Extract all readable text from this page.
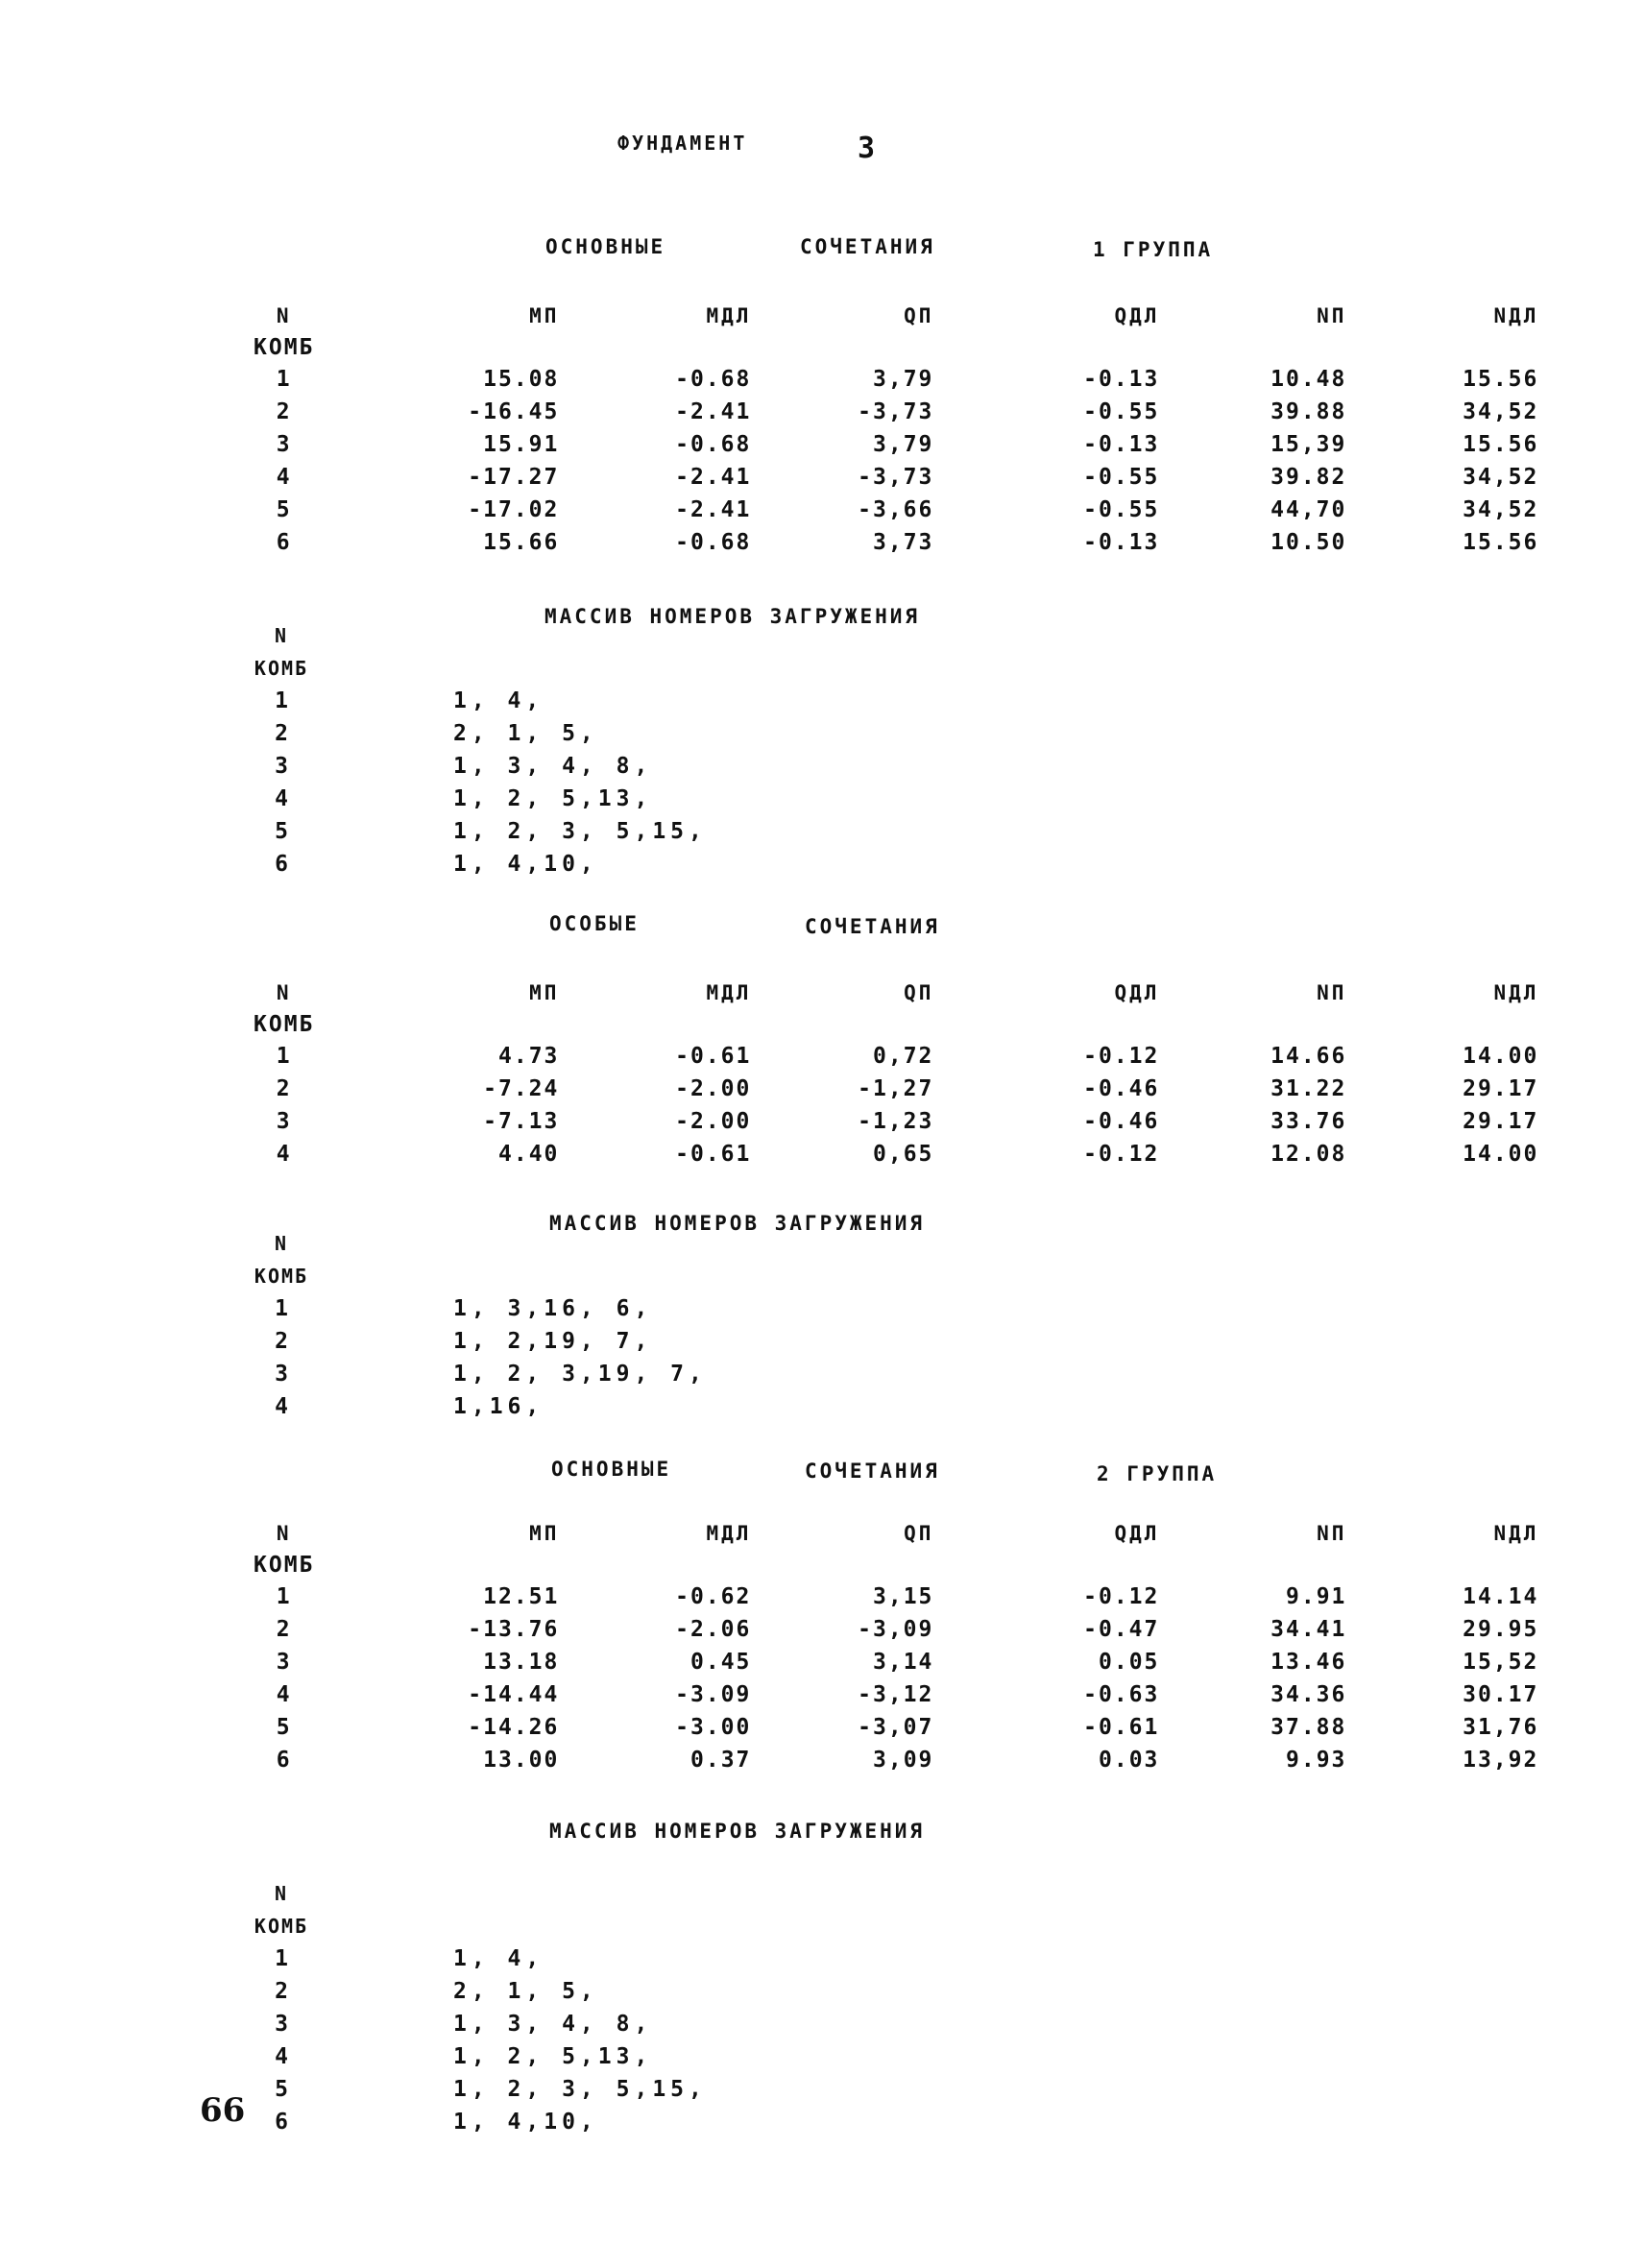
ФУНДАМЕНТ	3
ОСНОВНЫЕ	СОЧЕТАНИЯ	1 ГРУППА
N	МП	МДЛ	QП	QДЛ	NП	NДЛ
КОМБ						
1	15.08	-0.68	3,79	-0.13	10.48	15.56
2	-16.45	-2.41	-3,73	-0.55	39.88	34,52
3	15.91	-0.68	3,79	-0.13	15,39	15.56
4	-17.27	-2.41	-3,73	-0.55	39.82	34,52
5	-17.02	-2.41	-3,66	-0.55	44,70	34,52
6	15.66	-0.68	3,73	-0.13	10.50	15.56
МАССИВ НОМЕРОВ ЗАГРУЖЕНИЯ
N
КОМБ
1	1, 4,
2	2, 1, 5,
3	1, 3, 4, 8,
4	1, 2, 5,13,
5	1, 2, 3, 5,15,
6	1, 4,10,
ОСОБЫЕ	СОЧЕТАНИЯ
N	МП	МДЛ	QП	QДЛ	NП	NДЛ
КОМБ						
1	4.73	-0.61	0,72	-0.12	14.66	14.00
2	-7.24	-2.00	-1,27	-0.46	31.22	29.17
3	-7.13	-2.00	-1,23	-0.46	33.76	29.17
4	4.40	-0.61	0,65	-0.12	12.08	14.00
МАССИВ НОМЕРОВ ЗАГРУЖЕНИЯ
N
КОМБ
1	1, 3,16, 6,
2	1, 2,19, 7,
3	1, 2, 3,19, 7,
4	1,16,
ОСНОВНЫЕ	СОЧЕТАНИЯ	2 ГРУППА
N	МП	МДЛ	QП	QДЛ	NП	NДЛ
КОМБ						
1	12.51	-0.62	3,15	-0.12	9.91	14.14
2	-13.76	-2.06	-3,09	-0.47	34.41	29.95
3	13.18	0.45	3,14	0.05	13.46	15,52
4	-14.44	-3.09	-3,12	-0.63	34.36	30.17
5	-14.26	-3.00	-3,07	-0.61	37.88	31,76
6	13.00	0.37	3,09	0.03	9.93	13,92
МАССИВ НОМЕРОВ ЗАГРУЖЕНИЯ
N
КОМБ
1	1, 4,
2	2, 1, 5,
3	1, 3, 4, 8,
4	1, 2, 5,13,
5	1, 2, 3, 5,15,
6	1, 4,10,
66
